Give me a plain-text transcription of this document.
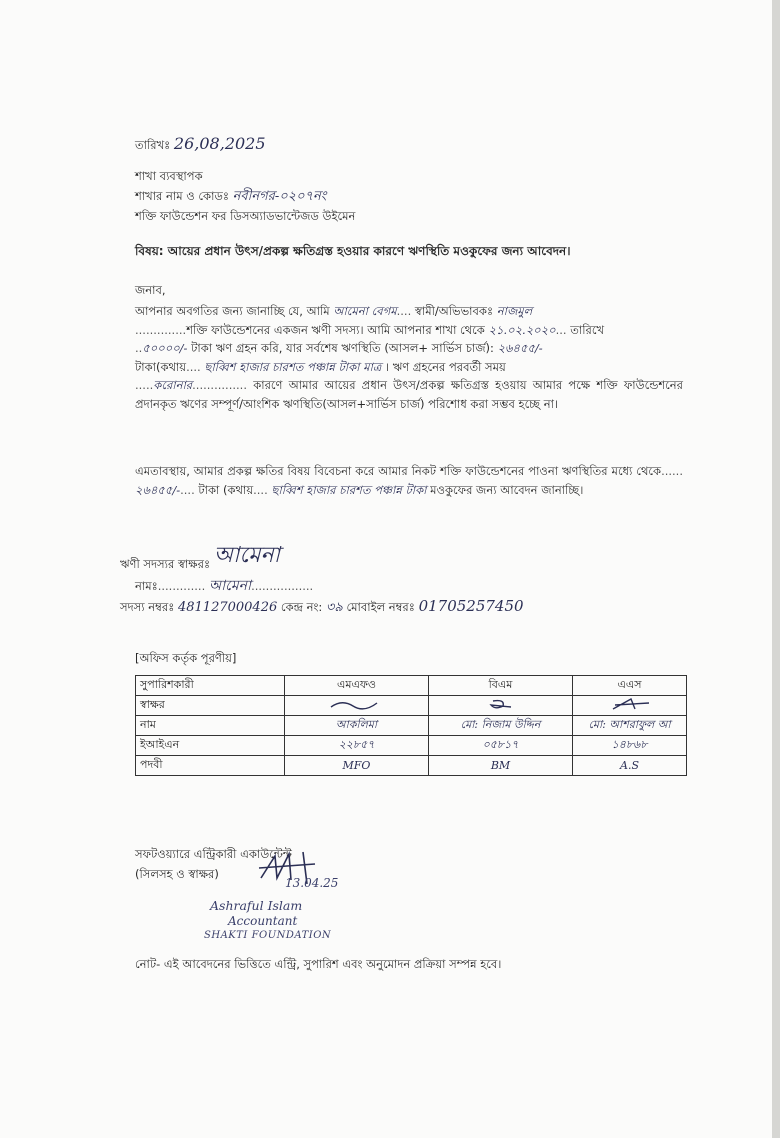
তারিখঃ 26,08,2025
শাখা ব্যবস্থাপক
শাখার নাম ও কোডঃ নবীনগর-০২০৭নং
শক্তি ফাউন্ডেশন ফর ডিসঅ্যাডভান্টেজড উইমেন
বিষয়: আয়ের প্রধান উৎস/প্রকল্প ক্ষতিগ্রস্ত হওয়ার কারণে ঋণস্থিতি মওকুফের জন্য আবেদন।
জনাব,
আপনার অবগতির জন্য জানাচ্ছি যে, আমি আমেনা বেগম.... স্বামী/অভিভাবকঃ নাজমুল
..............শক্তি ফাউন্ডেশনের একজন ঋণী সদস্য। আমি আপনার শাখা থেকে ২১.০২.২০২০... তারিখে
..৫০০০০/- টাকা ঋণ গ্রহন করি, যার সর্বশেষ ঋণস্থিতি (আসল+ সার্ভিস চার্জ): ২৬৪৫৫/-
টাকা(কথায়.... ছাব্বিশ হাজার চারশত পঞ্চান্ন টাকা মাত্র । ঋণ গ্রহনের পরবর্তী সময়
.....করোনার............... কারণে আমার আয়ের প্রধান উৎস/প্রকল্প ক্ষতিগ্রস্ত হওয়ায় আমার পক্ষে শক্তি ফাউন্ডেশনের প্রদানকৃত ঋণের সম্পূর্ণ/আংশিক ঋণস্থিতি(আসল+সার্ভিস চার্জ) পরিশোধ করা সম্ভব হচ্ছে না।
এমতাবস্থায়, আমার প্রকল্প ক্ষতির বিষয় বিবেচনা করে আমার নিকট শক্তি ফাউন্ডেশনের পাওনা ঋণস্থিতির মধ্যে থেকে...... ২৬৪৫৫/-.... টাকা (কথায়.... ছাব্বিশ হাজার চারশত পঞ্চান্ন টাকা মওকুফের জন্য আবেদন জানাচ্ছি।
ঋণী সদস্যর স্বাক্ষরঃ আমেনা
নামঃ............. আমেনা.................
সদস্য নম্বরঃ 481127000426 কেন্দ্র নং: ৩৯ মোবাইল নম্বরঃ 01705257450
[অফিস কর্তৃক পূরণীয়]
সুপারিশকারী	এমএফও	বিএম	এএস
স্বাক্ষর			
নাম	আকলিমা	মো: নিজাম উদ্দিন	মো: আশরাফুল আ
ইআইএন	২২৮৫৭	০৫৮১৭	১৪৮৬৮
পদবী	MFO	BM	A.S
সফটওয়্যারে এন্ট্রিকারী একাউন্টেন্ট
(সিলসহ ও স্বাক্ষর)
13.04.25
Ashraful Islam
Accountant
SHAKTI FOUNDATION
নোট- এই আবেদনের ভিত্তিতে এন্ট্রি, সুপারিশ এবং অনুমোদন প্রক্রিয়া সম্পন্ন হবে।
